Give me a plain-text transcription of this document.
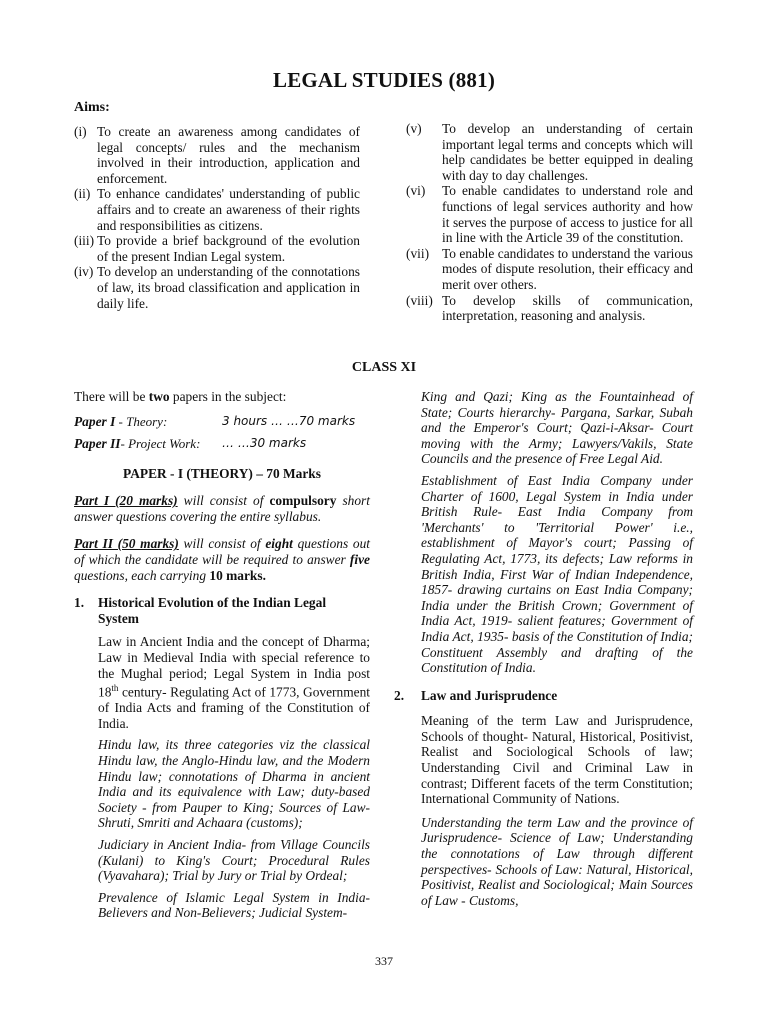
LEGAL STUDIES (881)

Aims:

(i) To create an awareness among candidates of legal concepts/ rules and the mechanism involved in their introduction, application and enforcement.
(ii) To enhance candidates' understanding of public affairs and to create an awareness of their rights and responsibilities as citizens.
(iii) To provide a brief background of the evolution of the present Indian Legal system.
(iv) To develop an understanding of the connotations of law, its broad classification and application in daily life.
(v) To develop an understanding of certain important legal terms and concepts which will help candidates be better equipped in dealing with day to day challenges.
(vi) To enable candidates to understand role and functions of legal services authority and how it serves the purpose of access to justice for all in line with the Article 39 of the constitution.
(vii) To enable candidates to understand the various modes of dispute resolution, their efficacy and merit over others.
(viii) To develop skills of communication, interpretation, reasoning and analysis.

CLASS XI

There will be two papers in the subject:

Paper I - Theory:	3 hours … …70 marks
Paper II- Project Work: … …30 marks

PAPER - I (THEORY) – 70 Marks

Part I (20 marks) will consist of compulsory short answer questions covering the entire syllabus.

Part II (50 marks) will consist of eight questions out of which the candidate will be required to answer five questions, each carrying 10 marks.

1. Historical Evolution of the Indian Legal System

Law in Ancient India and the concept of Dharma; Law in Medieval India with special reference to the Mughal period; Legal System in India post 18th century- Regulating Act of 1773, Government of India Acts and framing of the Constitution of India.

Hindu law, its three categories viz the classical Hindu law, the Anglo-Hindu law, and the Modern Hindu law; connotations of Dharma in ancient India and its equivalence with Law; duty-based Society - from Pauper to King; Sources of Law- Shruti, Smriti and Achaara (customs);

Judiciary in Ancient India- from Village Councils (Kulani) to King's Court; Procedural Rules (Vyavahara); Trial by Jury or Trial by Ordeal;

Prevalence of Islamic Legal System in India- Believers and Non-Believers; Judicial System-

King and Qazi; King as the Fountainhead of State; Courts hierarchy- Pargana, Sarkar, Subah and the Emperor's Court; Qazi-i-Aksar- Court moving with the Army; Lawyers/Vakils, State Councils and the presence of Free Legal Aid.

Establishment of East India Company under Charter of 1600, Legal System in India under British Rule- East India Company from 'Merchants' to 'Territorial Power' i.e., establishment of Mayor's court; Passing of Regulating Act, 1773, its defects; Law reforms in British India, First War of Indian Independence, 1857- drawing curtains on East India Company; India under the British Crown; Government of India Act, 1919- salient features; Government of India Act, 1935- basis of the Constitution of India; Constituent Assembly and drafting of the Constitution of India.

2. Law and Jurisprudence

Meaning of the term Law and Jurisprudence, Schools of thought- Natural, Historical, Positivist, Realist and Sociological Schools of law; Understanding Civil and Criminal Law in contrast; Different facets of the term Constitution; International Community of Nations.

Understanding the term Law and the province of Jurisprudence- Science of Law; Understanding the connotations of Law through different perspectives- Schools of Law: Natural, Historical, Positivist, Realist and Sociological; Main Sources of Law - Customs,

337
